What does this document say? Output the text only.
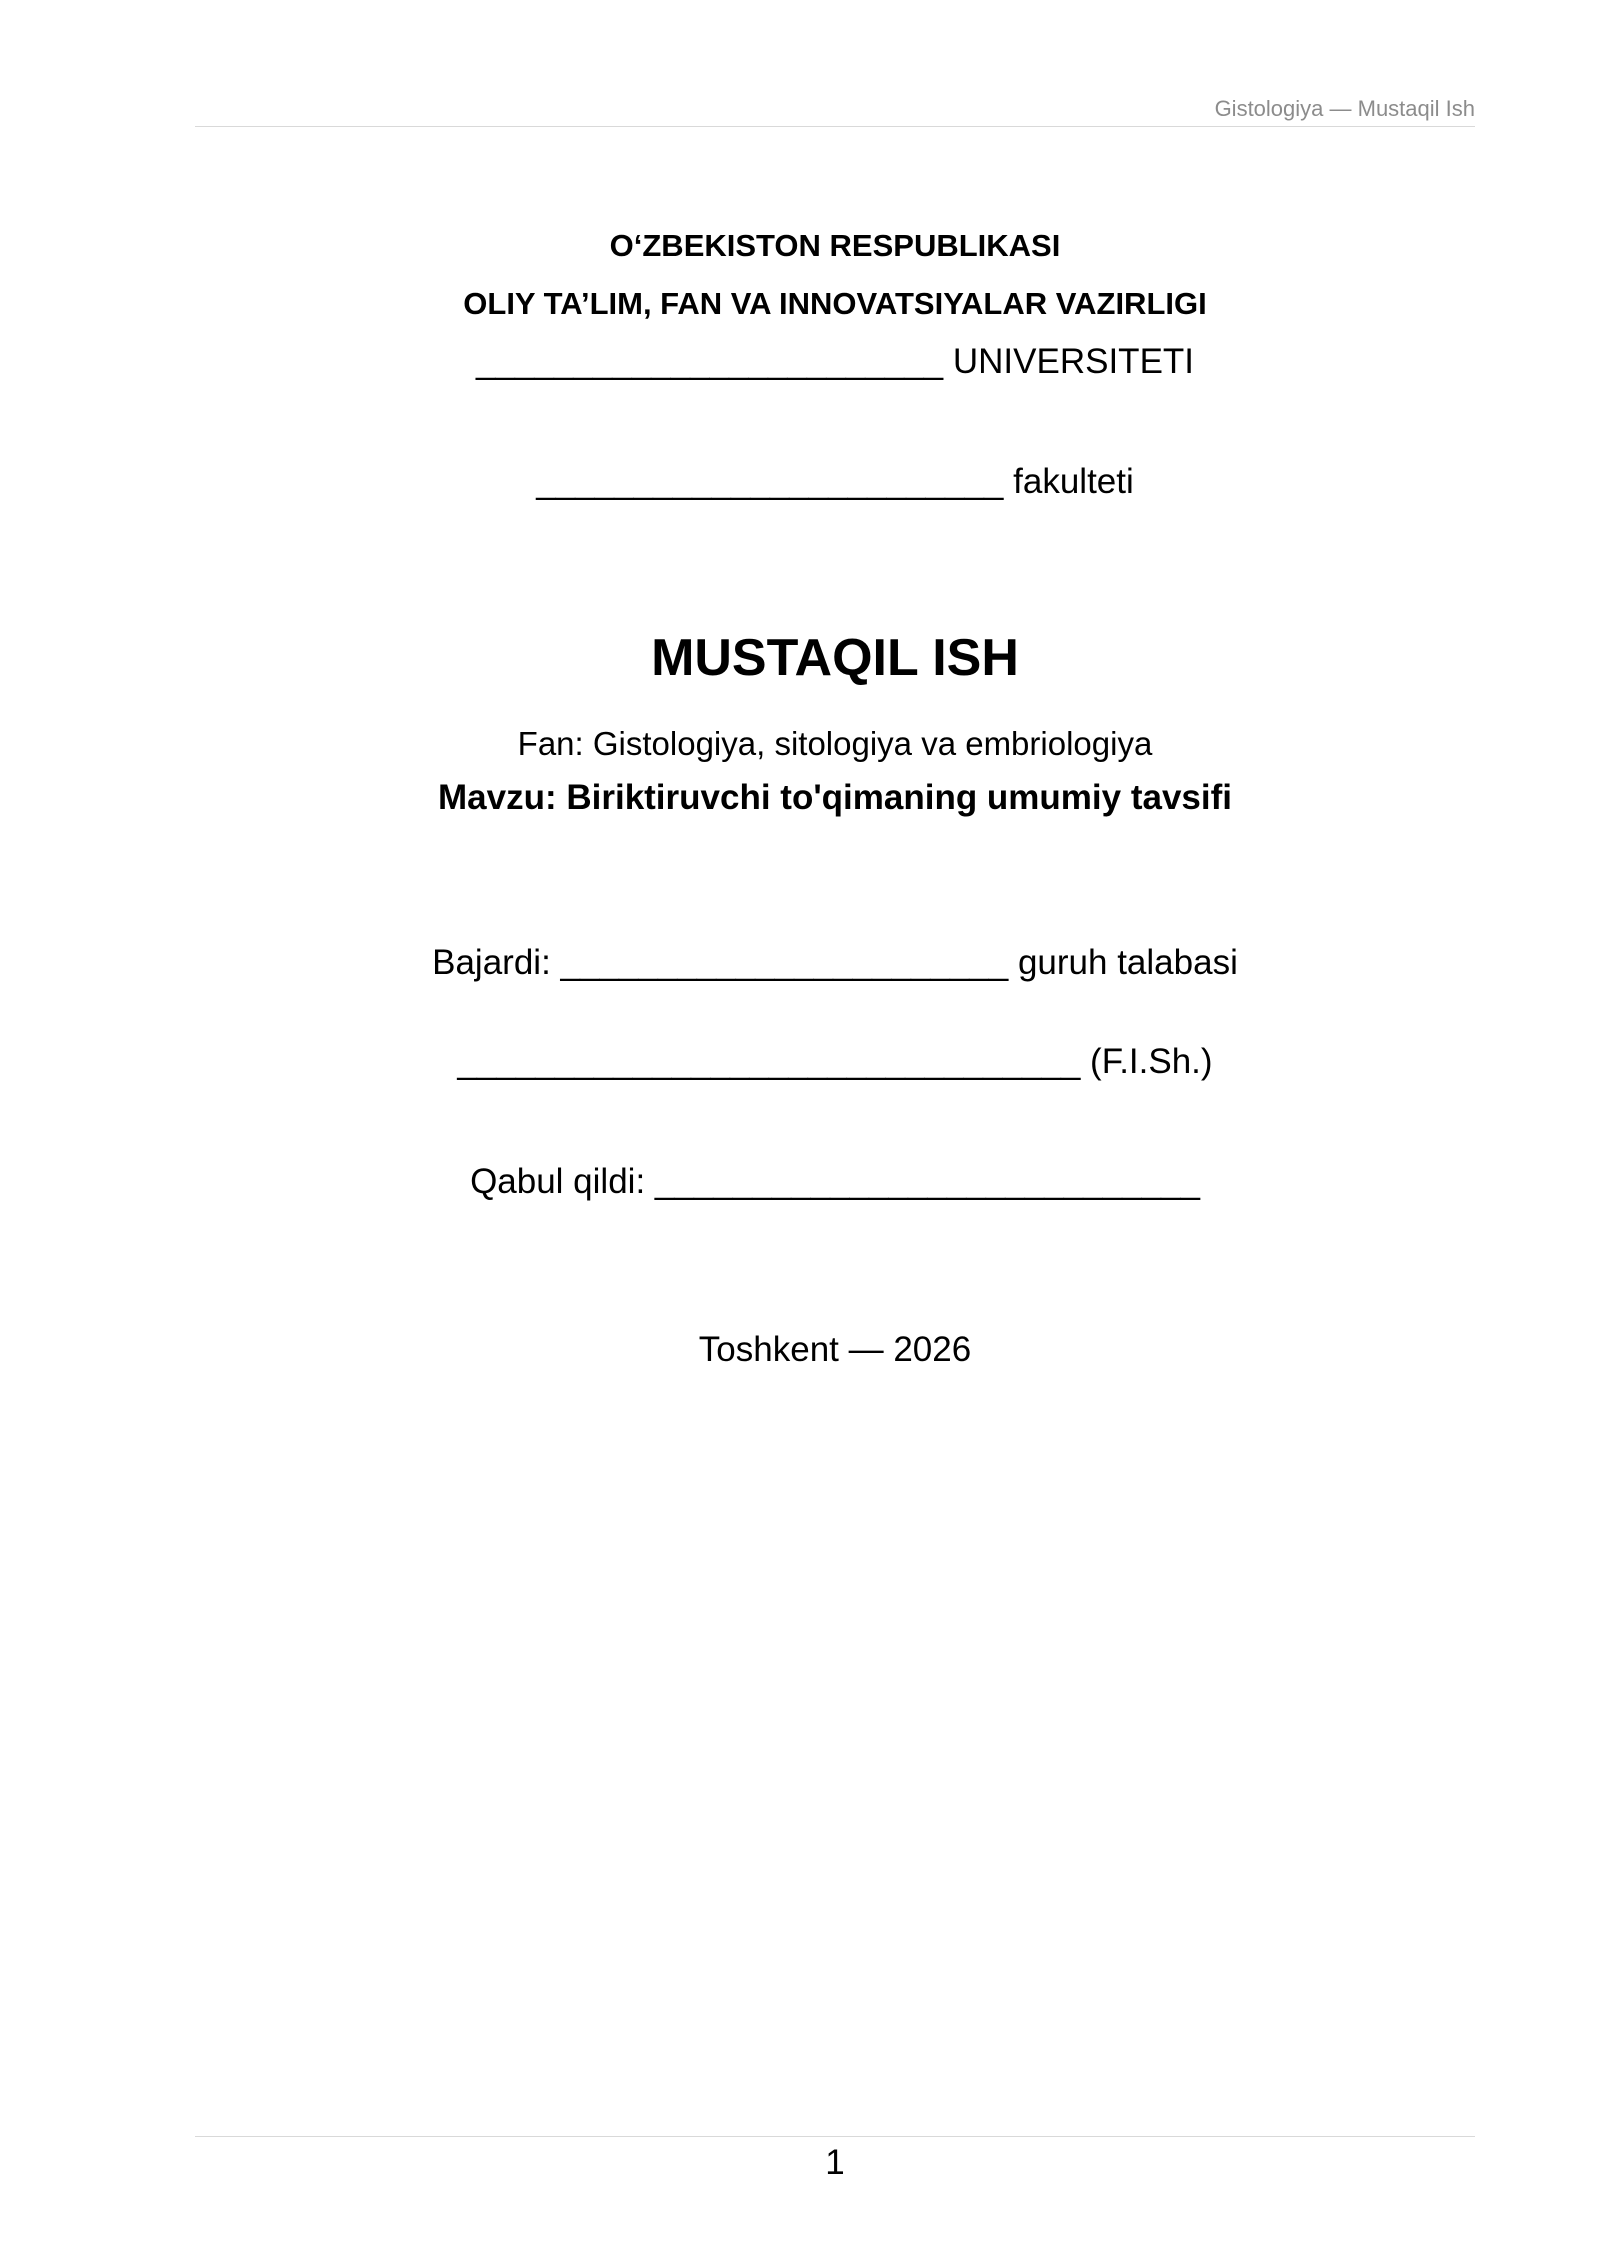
Gistologiya — Mustaqil Ish
O‘ZBEKISTON RESPUBLIKASI
OLIY TA’LIM, FAN VA INNOVATSIYALAR VAZIRLIGI
________________________ UNIVERSITETI
________________________ fakulteti
MUSTAQIL ISH
Fan: Gistologiya, sitologiya va embriologiya
Mavzu: Biriktiruvchi to'qimaning umumiy tavsifi
Bajardi: _______________________ guruh talabasi
________________________________ (F.I.Sh.)
Qabul qildi: ____________________________
Toshkent — 2026
1
